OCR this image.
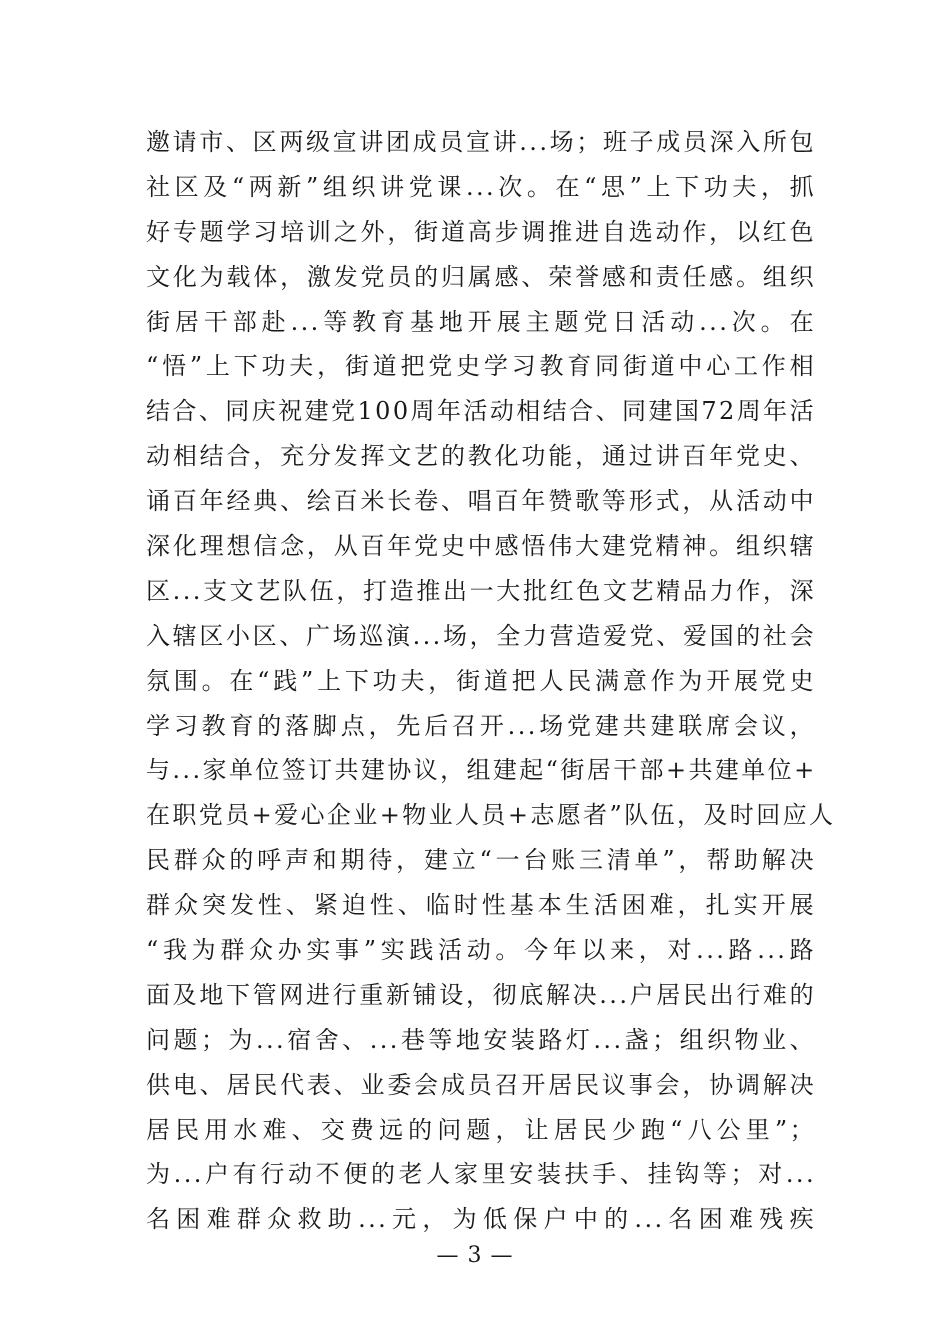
邀请市、区两级宣讲团成员宣讲...场；班子成员深入所包
社区及“两新”组织讲党课...次。在“思”上下功夫，抓
好专题学习培训之外，街道高步调推进自选动作，以红色
文化为载体，激发党员的归属感、荣誉感和责任感。组织
街居干部赴...等教育基地开展主题党日活动...次。在
“悟”上下功夫，街道把党史学习教育同街道中心工作相
结合、同庆祝建党100周年活动相结合、同建国72周年活
动相结合，充分发挥文艺的教化功能，通过讲百年党史、
诵百年经典、绘百米长卷、唱百年赞歌等形式，从活动中
深化理想信念，从百年党史中感悟伟大建党精神。组织辖
区...支文艺队伍，打造推出一大批红色文艺精品力作，深
入辖区小区、广场巡演...场，全力营造爱党、爱国的社会
氛围。在“践”上下功夫，街道把人民满意作为开展党史
学习教育的落脚点，先后召开...场党建共建联席会议，
与...家单位签订共建协议，组建起“街居干部+共建单位+
在职党员+爱心企业+物业人员+志愿者”队伍，及时回应人
民群众的呼声和期待，建立“一台账三清单”，帮助解决
群众突发性、紧迫性、临时性基本生活困难，扎实开展
“我为群众办实事”实践活动。今年以来，对...路...路
面及地下管网进行重新铺设，彻底解决...户居民出行难的
问题；为...宿舍、...巷等地安装路灯...盏；组织物业、
供电、居民代表、业委会成员召开居民议事会，协调解决
居民用水难、交费远的问题，让居民少跑“八公里”；
为...户有行动不便的老人家里安装扶手、挂钩等；对...
名困难群众救助...元，为低保户中的...名困难残疾
— 3 —
